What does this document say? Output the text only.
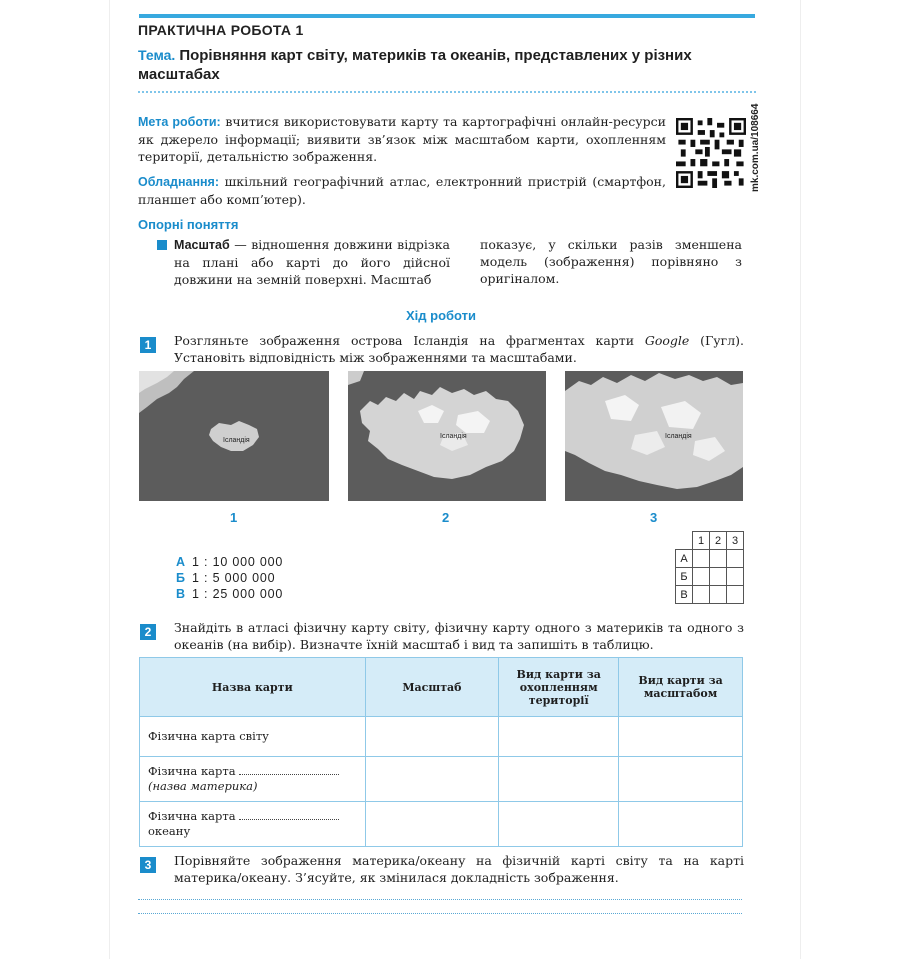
ПРАКТИЧНА РОБОТА 1
Тема. Порівняння карт світу, материків та океанів, представлених у різних масштабах
Мета роботи: вчитися використовувати карту та картографічні онлайн-ресурси як джерело інформації; виявити зв’язок між масштабом карти, охопленням території, детальністю зображення.
Обладнання: шкільний географічний атлас, електронний пристрій (смартфон, планшет або комп’ютер).
mk.com.ua/108664
Опорні поняття
Масштаб — відношення довжини відрізка на плані або карті до його дійсної довжини на земній поверхні. Масштаб
показує, у скільки разів зменшена модель (зображення) порівняно з оригіналом.
Хід роботи
1	Розгляньте зображення острова Ісландія на фрагментах карти Google (Гугл). Установіть відповідність між зображеннями та масштабами.
Ісландія
1
Ісландія
2
Ісландія
3
А 1 : 10 000 000
Б 1 : 5 000 000
В 1 : 25 000 000
	1	2	3
А			
Б			
В			
2	Знайдіть в атласі фізичну карту світу, фізичну карту одного з материків та одного з океанів (на вибір). Визначте їхній масштаб і вид та запишіть в таблицю.
Назва карти	Масштаб	Вид карти за охопленням території	Вид карти за масштабом
Фізична карта світу			
Фізична карта
(назва материка)			
Фізична карта
океану			
3	Порівняйте зображення материка/океану на фізичній карті світу та на карті материка/океану. З’ясуйте, як змінилася докладність зображення.
